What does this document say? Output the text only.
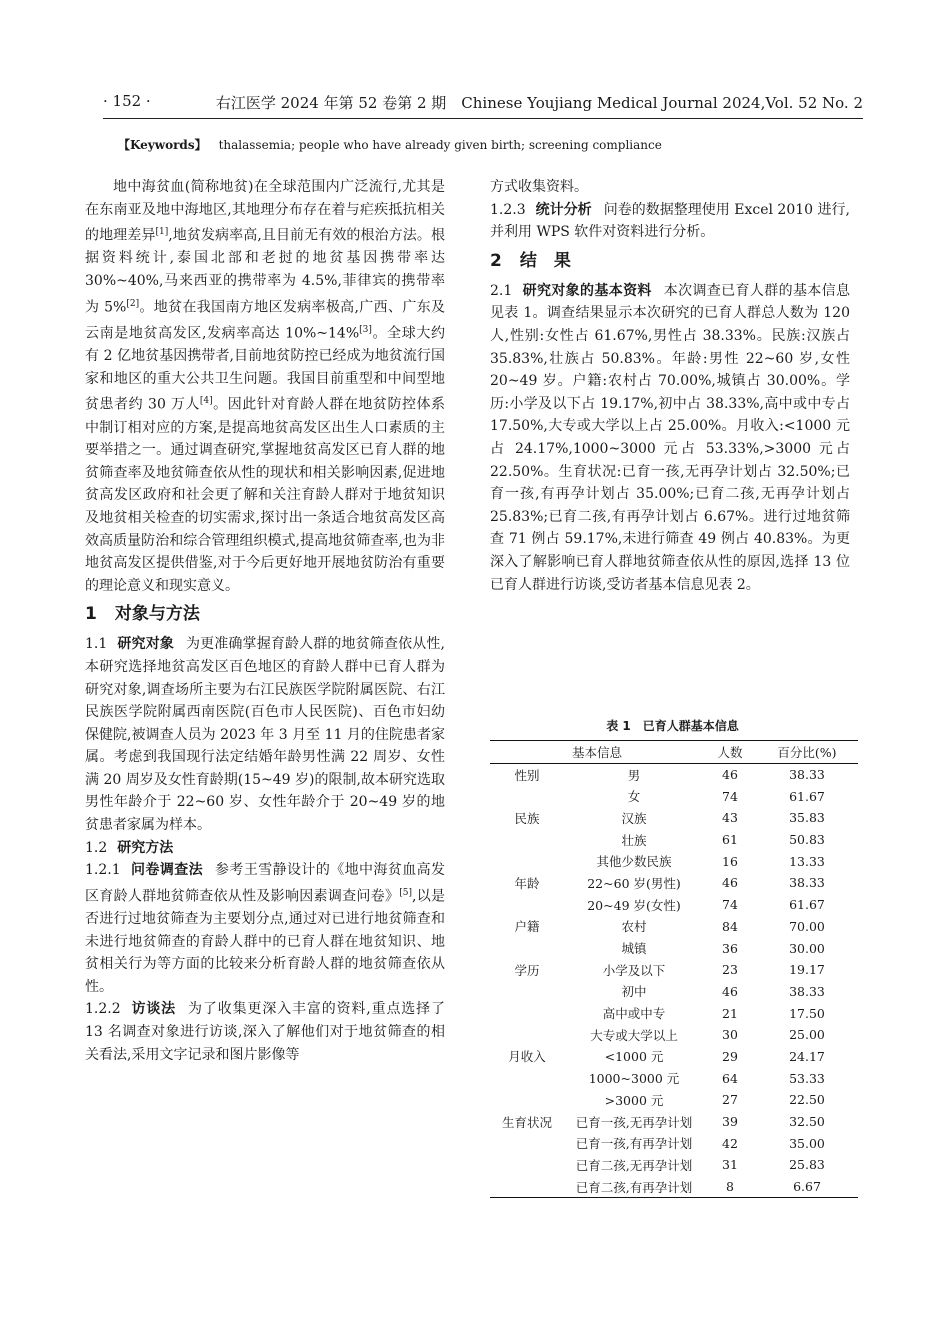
· 152 ·	右江医学 2024 年第 52 卷第 2 期　Chinese Youjiang Medical Journal 2024,Vol. 52 No. 2
【Keywords】 thalassemia; people who have already given birth; screening compliance

地中海贫血(简称地贫)在全球范围内广泛流行,尤其是在东南亚及地中海地区,其地理分布存在着与疟疾抵抗相关的地理差异[1],地贫发病率高,且目前无有效的根治方法。根据资料统计,泰国北部和老挝的地贫基因携带率达 30%~40%,马来西亚的携带率为 4.5%,菲律宾的携带率为 5%[2]。地贫在我国南方地区发病率极高,广西、广东及云南是地贫高发区,发病率高达 10%~14%[3]。全球大约有 2 亿地贫基因携带者,目前地贫防控已经成为地贫流行国家和地区的重大公共卫生问题。我国目前重型和中间型地贫患者约 30 万人[4]。因此针对育龄人群在地贫防控体系中制订相对应的方案,是提高地贫高发区出生人口素质的主要举措之一。通过调查研究,掌握地贫高发区已育人群的地贫筛查率及地贫筛查依从性的现状和相关影响因素,促进地贫高发区政府和社会更了解和关注育龄人群对于地贫知识及地贫相关检查的切实需求,探讨出一条适合地贫高发区高效高质量防治和综合管理组织模式,提高地贫筛查率,也为非地贫高发区提供借鉴,对于今后更好地开展地贫防治有重要的理论意义和现实意义。

1 对象与方法

1.1 研究对象 为更准确掌握育龄人群的地贫筛查依从性,本研究选择地贫高发区百色地区的育龄人群中已育人群为研究对象,调查场所主要为右江民族医学院附属医院、右江民族医学院附属西南医院(百色市人民医院)、百色市妇幼保健院,被调查人员为 2023 年 3 月至 11 月的住院患者家属。考虑到我国现行法定结婚年龄男性满 22 周岁、女性满 20 周岁及女性育龄期(15~49 岁)的限制,故本研究选取男性年龄介于 22~60 岁、女性年龄介于 20~49 岁的地贫患者家属为样本。

1.2 研究方法

1.2.1 问卷调查法 参考王雪静设计的《地中海贫血高发区育龄人群地贫筛查依从性及影响因素调查问卷》[5],以是否进行过地贫筛查为主要划分点,通过对已进行地贫筛查和未进行地贫筛查的育龄人群中的已育人群在地贫知识、地贫相关行为等方面的比较来分析育龄人群的地贫筛查依从性。

1.2.2 访谈法 为了收集更深入丰富的资料,重点选择了 13 名调查对象进行访谈,深入了解他们对于地贫筛查的相关看法,采用文字记录和图片影像等

方式收集资料。

1.2.3 统计分析 问卷的数据整理使用 Excel 2010 进行,并利用 WPS 软件对资料进行分析。

2 结　果

2.1 研究对象的基本资料 本次调查已育人群的基本信息见表 1。调查结果显示本次研究的已育人群总人数为 120 人,性别:女性占 61.67%,男性占 38.33%。民族:汉族占 35.83%,壮族占 50.83%。年龄:男性 22~60 岁,女性 20~49 岁。户籍:农村占 70.00%,城镇占 30.00%。学历:小学及以下占 19.17%,初中占 38.33%,高中或中专占 17.50%,大专或大学以上占 25.00%。月收入:<1000 元占 24.17%,1000~3000 元占 53.33%,>3000 元占 22.50%。生育状况:已育一孩,无再孕计划占 32.50%;已育一孩,有再孕计划占 35.00%;已育二孩,无再孕计划占 25.83%;已育二孩,有再孕计划占 6.67%。进行过地贫筛查 71 例占 59.17%,未进行筛查 49 例占 40.83%。为更深入了解影响已育人群地贫筛查依从性的原因,选择 13 位已育人群进行访谈,受访者基本信息见表 2。

表 1　已育人群基本信息
基本信息		人数	百分比(%)
性别	男	46	38.33
	女	74	61.67
民族	汉族	43	35.83
	壮族	61	50.83
	其他少数民族	16	13.33
年龄	22~60 岁(男性)	46	38.33
	20~49 岁(女性)	74	61.67
户籍	农村	84	70.00
	城镇	36	30.00
学历	小学及以下	23	19.17
	初中	46	38.33
	高中或中专	21	17.50
	大专或大学以上	30	25.00
月收入	<1000 元	29	24.17
	1000~3000 元	64	53.33
	>3000 元	27	22.50
生育状况	已育一孩,无再孕计划	39	32.50
	已育一孩,有再孕计划	42	35.00
	已育二孩,无再孕计划	31	25.83
	已育二孩,有再孕计划	8	6.67
